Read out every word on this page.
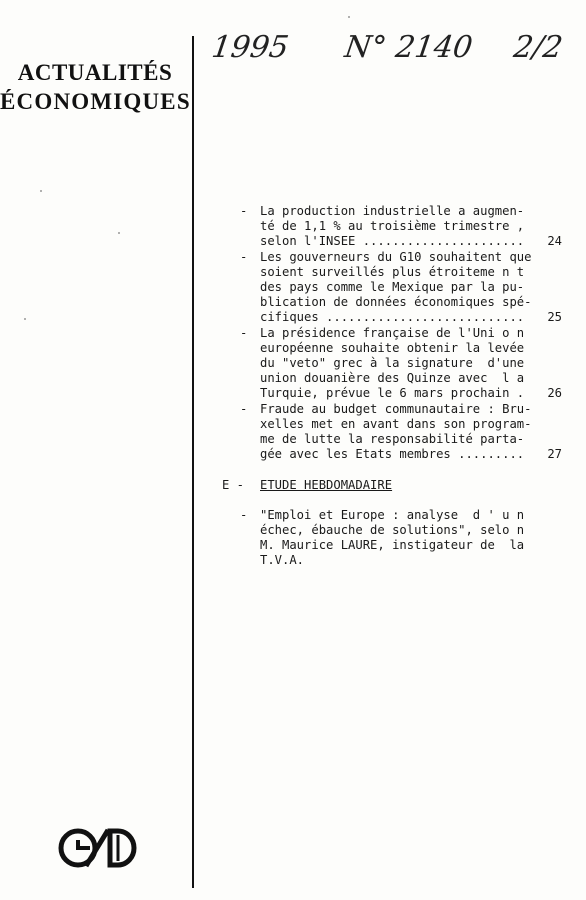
ACTUALITÉS
ÉCONOMIQUES
1995 N° 2140 2/2
- La production industrielle a augmen-
té de 1,1 % au troisième trimestre ,
selon l'INSEE ......................	24
- Les gouverneurs du G10 souhaitent que
soient surveillés plus étroiteme n t
des pays comme le Mexique par la pu-
blication de données économiques spé-
cifiques ...........................	25
- La présidence française de l'Uni o n
européenne souhaite obtenir la levée
du "veto" grec à la signature  d'une
union douanière des Quinze avec  l a
Turquie, prévue le 6 mars prochain .	26
- Fraude au budget communautaire : Bru-
xelles met en avant dans son program-
me de lutte la responsabilité parta-
gée avec les Etats membres .........	27
E - ETUDE HEBDOMADAIRE
- "Emploi et Europe : analyse  d ' u n
échec, ébauche de solutions", selo n
M. Maurice LAURE, instigateur de  la
T.V.A.
